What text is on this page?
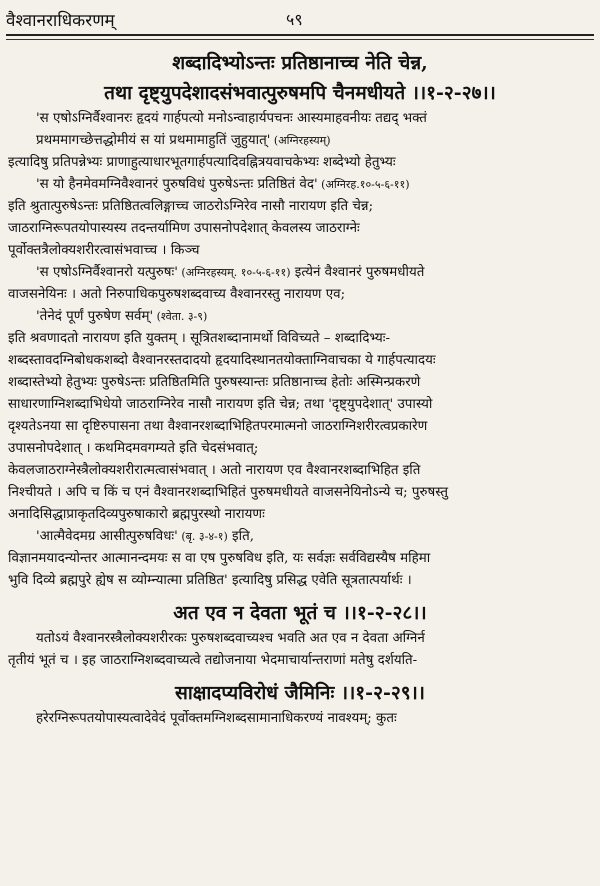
वैश्वानराधिकरणम्	५९
शब्दादिभ्योऽन्तः प्रतिष्ठानाच्च नेति चेन्न,
तथा दृष्ट्युपदेशादसंभवात्पुरुषमपि चैनमधीयते ।।१-२-२७।।
'स एषोऽग्निर्वैश्वानरः हृदयं गार्हपत्यो मनोऽन्वाहार्यपचनः आस्यमाहवनीयः तद्यद् भक्तं
प्रथममागच्छेत्तद्धोमीयं स यां प्रथमामाहुतिं जुहुयात्' (अग्निरहस्यम्)
इत्यादिषु प्रतिपन्नेभ्यः प्राणाहुत्याधारभूतगार्हपत्यादिवह्नित्रयवाचकेभ्यः शब्देभ्यो हेतुभ्यः
'स यो हैनमेवमग्निवैश्वानरं पुरुषविधं पुरुषेऽन्तः प्रतिष्ठितं वेद' (अग्निरह.१०-५-६-११)
इति श्रुतात्पुरुषेऽन्तः प्रतिष्ठितत्वलिङ्गाच्च जाठरोऽग्निरेव नासौ नारायण इति चेन्न;
जाठराग्निरूपतयोपास्यस्य तदन्तर्यामिण उपासनोपदेशात् केवलस्य जाठराग्नेः
पूर्वोक्तत्रैलोक्यशरीरत्वासंभवाच्च । किञ्च
'स एषोऽग्निर्वैश्वानरो यत्पुरुषः' (अग्निरहस्यम्. १०-५-६-११) इत्येनं वैश्वानरं पुरुषमधीयते
वाजसनेयिनः । अतो निरुपाधिकपुरुषशब्दवाच्य वैश्वानरस्तु नारायण एव;
'तेनेदं पूर्णं पुरुषेण सर्वम्' (श्वेता. ३-९)
इति श्रवणादतो नारायण इति युक्तम् । सूत्रितशब्दानामर्थो विविच्यते – शब्दादिभ्यः-
शब्दस्तावदग्निबोधकशब्दो वैश्वानरस्तदादयो हृदयादिस्थानतयोक्ताग्निवाचका ये गार्हपत्यादयः
शब्दास्तेभ्यो हेतुभ्यः पुरुषेऽन्तः प्रतिष्ठितमिति पुरुषस्यान्तः प्रतिष्ठानाच्च हेतोः अस्मिन्प्रकरणे
साधारणाग्निशब्दाभिधेयो जाठराग्निरेव नासौ नारायण इति चेन्न; तथा 'दृष्ट्युपदेशात्' उपास्यो
दृश्यतेऽनया सा दृष्टिरुपासना तथा वैश्वानरशब्दाभिहितपरमात्मनो जाठराग्निशरीरत्वप्रकारेण
उपासनोपदेशात् । कथमिदमवगम्यते इति चेदसंभवात्;
केवलजाठराग्नेस्त्रैलोक्यशरीरात्मत्वासंभवात् । अतो नारायण एव वैश्वानरशब्दाभिहित इति
निश्चीयते । अपि च किं च एनं वैश्वानरशब्दाभिहितं पुरुषमधीयते वाजसनेयिनोऽन्ये च; पुरुषस्तु
अनादिसिद्धाप्राकृतदिव्यपुरुषाकारो ब्रह्मपुरस्थो नारायणः
'आत्मैवेदमग्र आसीत्पुरुषविधः' (बृ. ३-४-१) इति,
विज्ञानमयादन्योन्तर आत्मानन्दमयः स वा एष पुरुषविध इति, यः सर्वज्ञः सर्वविद्यस्यैष महिमा
भुवि दिव्ये ब्रह्मपुरे ह्येष स व्योम्न्यात्मा प्रतिष्ठित' इत्यादिषु प्रसिद्ध एवेति सूत्रतात्पर्यार्थः ।
अत एव न देवता भूतं च ।।१-२-२८।।
यतोऽयं वैश्वानरस्त्रैलोक्यशरीरकः पुरुषशब्दवाच्यश्च भवति अत एव न देवता अग्निर्न
तृतीयं भूतं च । इह जाठराग्निशब्दवाच्यत्वे तद्योजनाया भेदमाचार्यान्तराणां मतेषु दर्शयति-
साक्षादप्यविरोधं जैमिनिः ।।१-२-२९।।
हरेरग्निरूपतयोपास्यत्वादेवेदं पूर्वोक्तमग्निशब्दसामानाधिकरण्यं नावश्यम्; कुतः
